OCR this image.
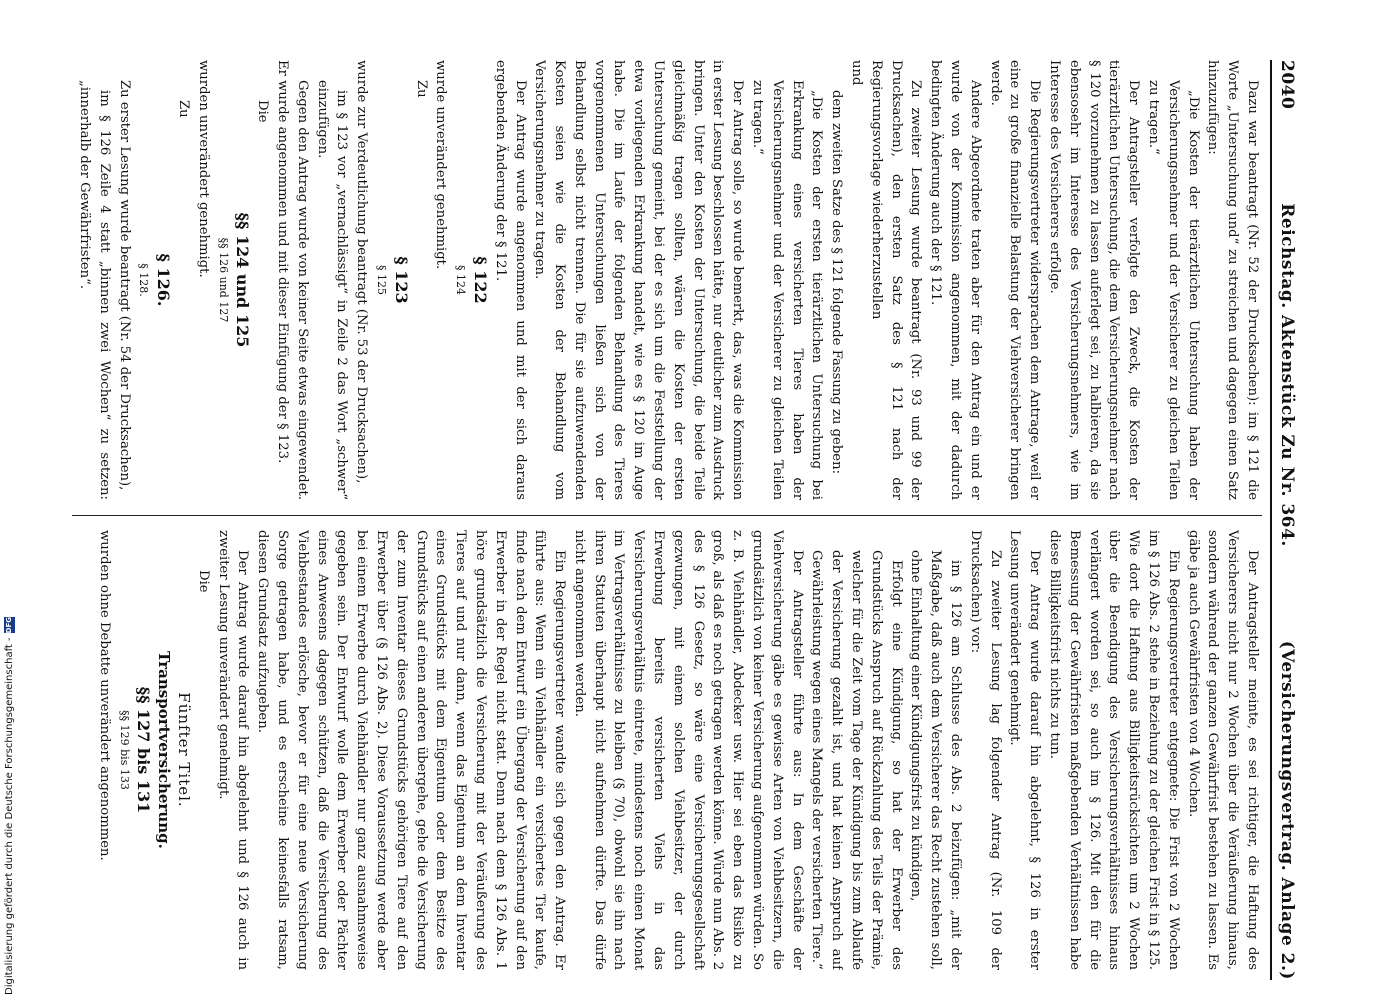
2040
Reichstag. Aktenstück Zu Nr. 364.
(Versicherungsvertrag. Anlage 2.)

Dazu war beantragt (Nr. 52 der Drucksachen): im § 121 die Worte „Untersuchung und“ zu streichen und dagegen einen Satz hinzuzufügen:

„Die Kosten der tierärztlichen Untersuchung haben der Versicherungsnehmer und der Versicherer zu gleichen Teilen zu tragen.“

Der Antragsteller verfolgte den Zweck, die Kosten der tierärztlichen Untersuchung, die dem Versicherungsnehmer nach § 120 vorzunehmen zu lassen auferlegt sei, zu halbieren, da sie ebensosehr im Interesse des Versicherungsnehmers, wie im Interesse des Versicherers erfolge.

Die Regierungsvertreter widersprachen dem Antrage, weil er eine zu große finanzielle Belastung der Viehversicherer bringen werde.

Andere Abgeordnete traten aber für den Antrag ein und er wurde von der Kommission angenommen, mit der dadurch bedingten Änderung auch der § 121.

Zu zweiter Lesung wurde beantragt (Nr. 93 und 99 der Drucksachen), den ersten Satz des § 121 nach der Regierungsvorlage wiederherzustellen

und

dem zweiten Satze des § 121 folgende Fassung zu geben:

„Die Kosten der ersten tierärztlichen Untersuchung bei Erkrankung eines versicherten Tieres haben der Versicherungsnehmer und der Versicherer zu gleichen Teilen zu tragen.“

Der Antrag solle, so wurde bemerkt, das, was die Kommission in erster Lesung beschlossen hätte, nur deutlicher zum Ausdruck bringen. Unter den Kosten der Untersuchung, die beide Teile gleichmäßig tragen sollten, wären die Kosten der ersten Untersuchung gemeint, bei der es sich um die Feststellung der etwa vorliegenden Erkrankung handelt, wie es § 120 im Auge habe. Die im Laufe der folgenden Behandlung des Tieres vorgenommenen Untersuchungen ließen sich von der Behandlung selbst nicht trennen. Die für sie aufzuwendenden Kosten seien wie die Kosten der Behandlung vom Versicherungsnehmer zu tragen.

Der Antrag wurde angenommen und mit der sich daraus ergebenden Änderung der § 121.

§ 122

§ 124

wurde unverändert genehmigt.

Zu

§ 123

§ 125

wurde zur Verdeutlichung beantragt (Nr. 53 der Drucksachen),

im § 123 vor „vernachlässigt“ in Zeile 2 das Wort „schwer“ einzufügen.

Gegen den Antrag wurde von keiner Seite etwas eingewendet. Er wurde angenommen und mit dieser Einfügung der § 123.

Die

§§ 124 und 125

§§ 126 und 127

wurden unverändert genehmigt.

Zu

§ 126.

§ 128.

Zu erster Lesung wurde beantragt (Nr. 54 der Drucksachen),

im § 126 Zeile 4 statt „binnen zwei Wochen“ zu setzen: „innerhalb der Gewährfristen“.

Der Antragsteller meinte, es sei richtiger, die Haftung des Versicherers nicht nur 2 Wochen über die Veräußerung hinaus, sondern während der ganzen Gewährfrist bestehen zu lassen. Es gäbe ja auch Gewährfristen von 4 Wochen.

Ein Regierungsvertreter entgegnete: Die Frist von 2 Wochen im § 126 Abs. 2 stehe in Beziehung zu der gleichen Frist in § 125. Wie dort die Haftung aus Billigkeitsrücksichten um 2 Wochen über die Beendigung des Versicherungsverhältnisses hinaus verlängert worden sei, so auch im § 126. Mit den für die Bemessung der Gewährfristen maßgebenden Verhältnissen habe diese Billigkeitsfrist nichts zu tun.

Der Antrag wurde darauf hin abgelehnt, § 126 in erster Lesung unverändert genehmigt.

Zu zweiter Lesung lag folgender Antrag (Nr. 109 der Drucksachen) vor:

im § 126 am Schlusse des Abs. 2 beizufügen: „mit der Maßgabe, daß auch dem Versicherer das Recht zustehen soll, ohne Einhaltung einer Kündigungsfrist zu kündigen,

Erfolgt eine Kündigung, so hat der Erwerber des Grundstücks Anspruch auf Rückzahlung des Teils der Prämie, welcher für die Zeit vom Tage der Kündigung bis zum Ablaufe der Versicherung gezahlt ist, und hat keinen Anspruch auf Gewährleistung wegen eines Mangels der versicherten Tiere.“

Der Antragsteller führte aus: In dem Geschäfte der Viehversicherung gäbe es gewisse Arten von Viehbesitzern, die grundsätzlich von keiner Versicherung aufgenommen würden. So z. B. Viehhändler, Abdecker usw. Hier sei eben das Risiko zu groß, als daß es noch getragen werden könne. Würde nun Abs. 2 des § 126 Gesetz, so wäre eine Versicherungsgesellschaft gezwungen, mit einem solchen Viehbesitzer, der durch Erwerbung bereits versicherten Viehs in das Versicherungsverhältnis eintrete, mindestens noch einen Monat im Vertragsverhältnisse zu bleiben (§ 70), obwohl sie ihn nach ihren Statuten überhaupt nicht aufnehmen dürfte. Das dürfe nicht angenommen werden.

Ein Regierungsvertreter wandte sich gegen den Antrag. Er führte aus: Wenn ein Viehhändler ein versichertes Tier kaufe, finde nach dem Entwurf ein Übergang der Versicherung auf den Erwerber in der Regel nicht statt. Denn nach dem § 126 Abs. 1 höre grundsätzlich die Versicherung mit der Veräußerung des Tieres auf und nur dann, wenn das Eigentum an dem Inventar eines Grundstücks mit dem Eigentum oder dem Besitze des Grundstücks auf einen anderen übergehe, gehe die Versicherung der zum Inventar dieses Grundstücks gehörigen Tiere auf den Erwerber über (§ 126 Abs. 2). Diese Voraussetzung werde aber bei einem Erwerbe durch Viehhändler nur ganz ausnahmsweise gegeben sein. Der Entwurf wolle dem Erwerber oder Pächter eines Anwesens dagegen schützen, daß die Versicherung des Viehbestandes erlösche, bevor er für eine neue Versicherung Sorge getragen habe, und es erscheine keinesfalls ratsam, diesen Grundsatz aufzugeben.

Der Antrag wurde darauf hin abgelehnt und § 126 auch in zweiter Lesung unverändert genehmigt.

Die

Fünfter Titel.

Transportversicherung.

§§ 127 bis 131

§§ 129 bis 133

wurden ohne Debatte unverändert angenommen.

Digitalisierung gefördert durch die Deutsche Forschungsgemeinschaft -
DFG
